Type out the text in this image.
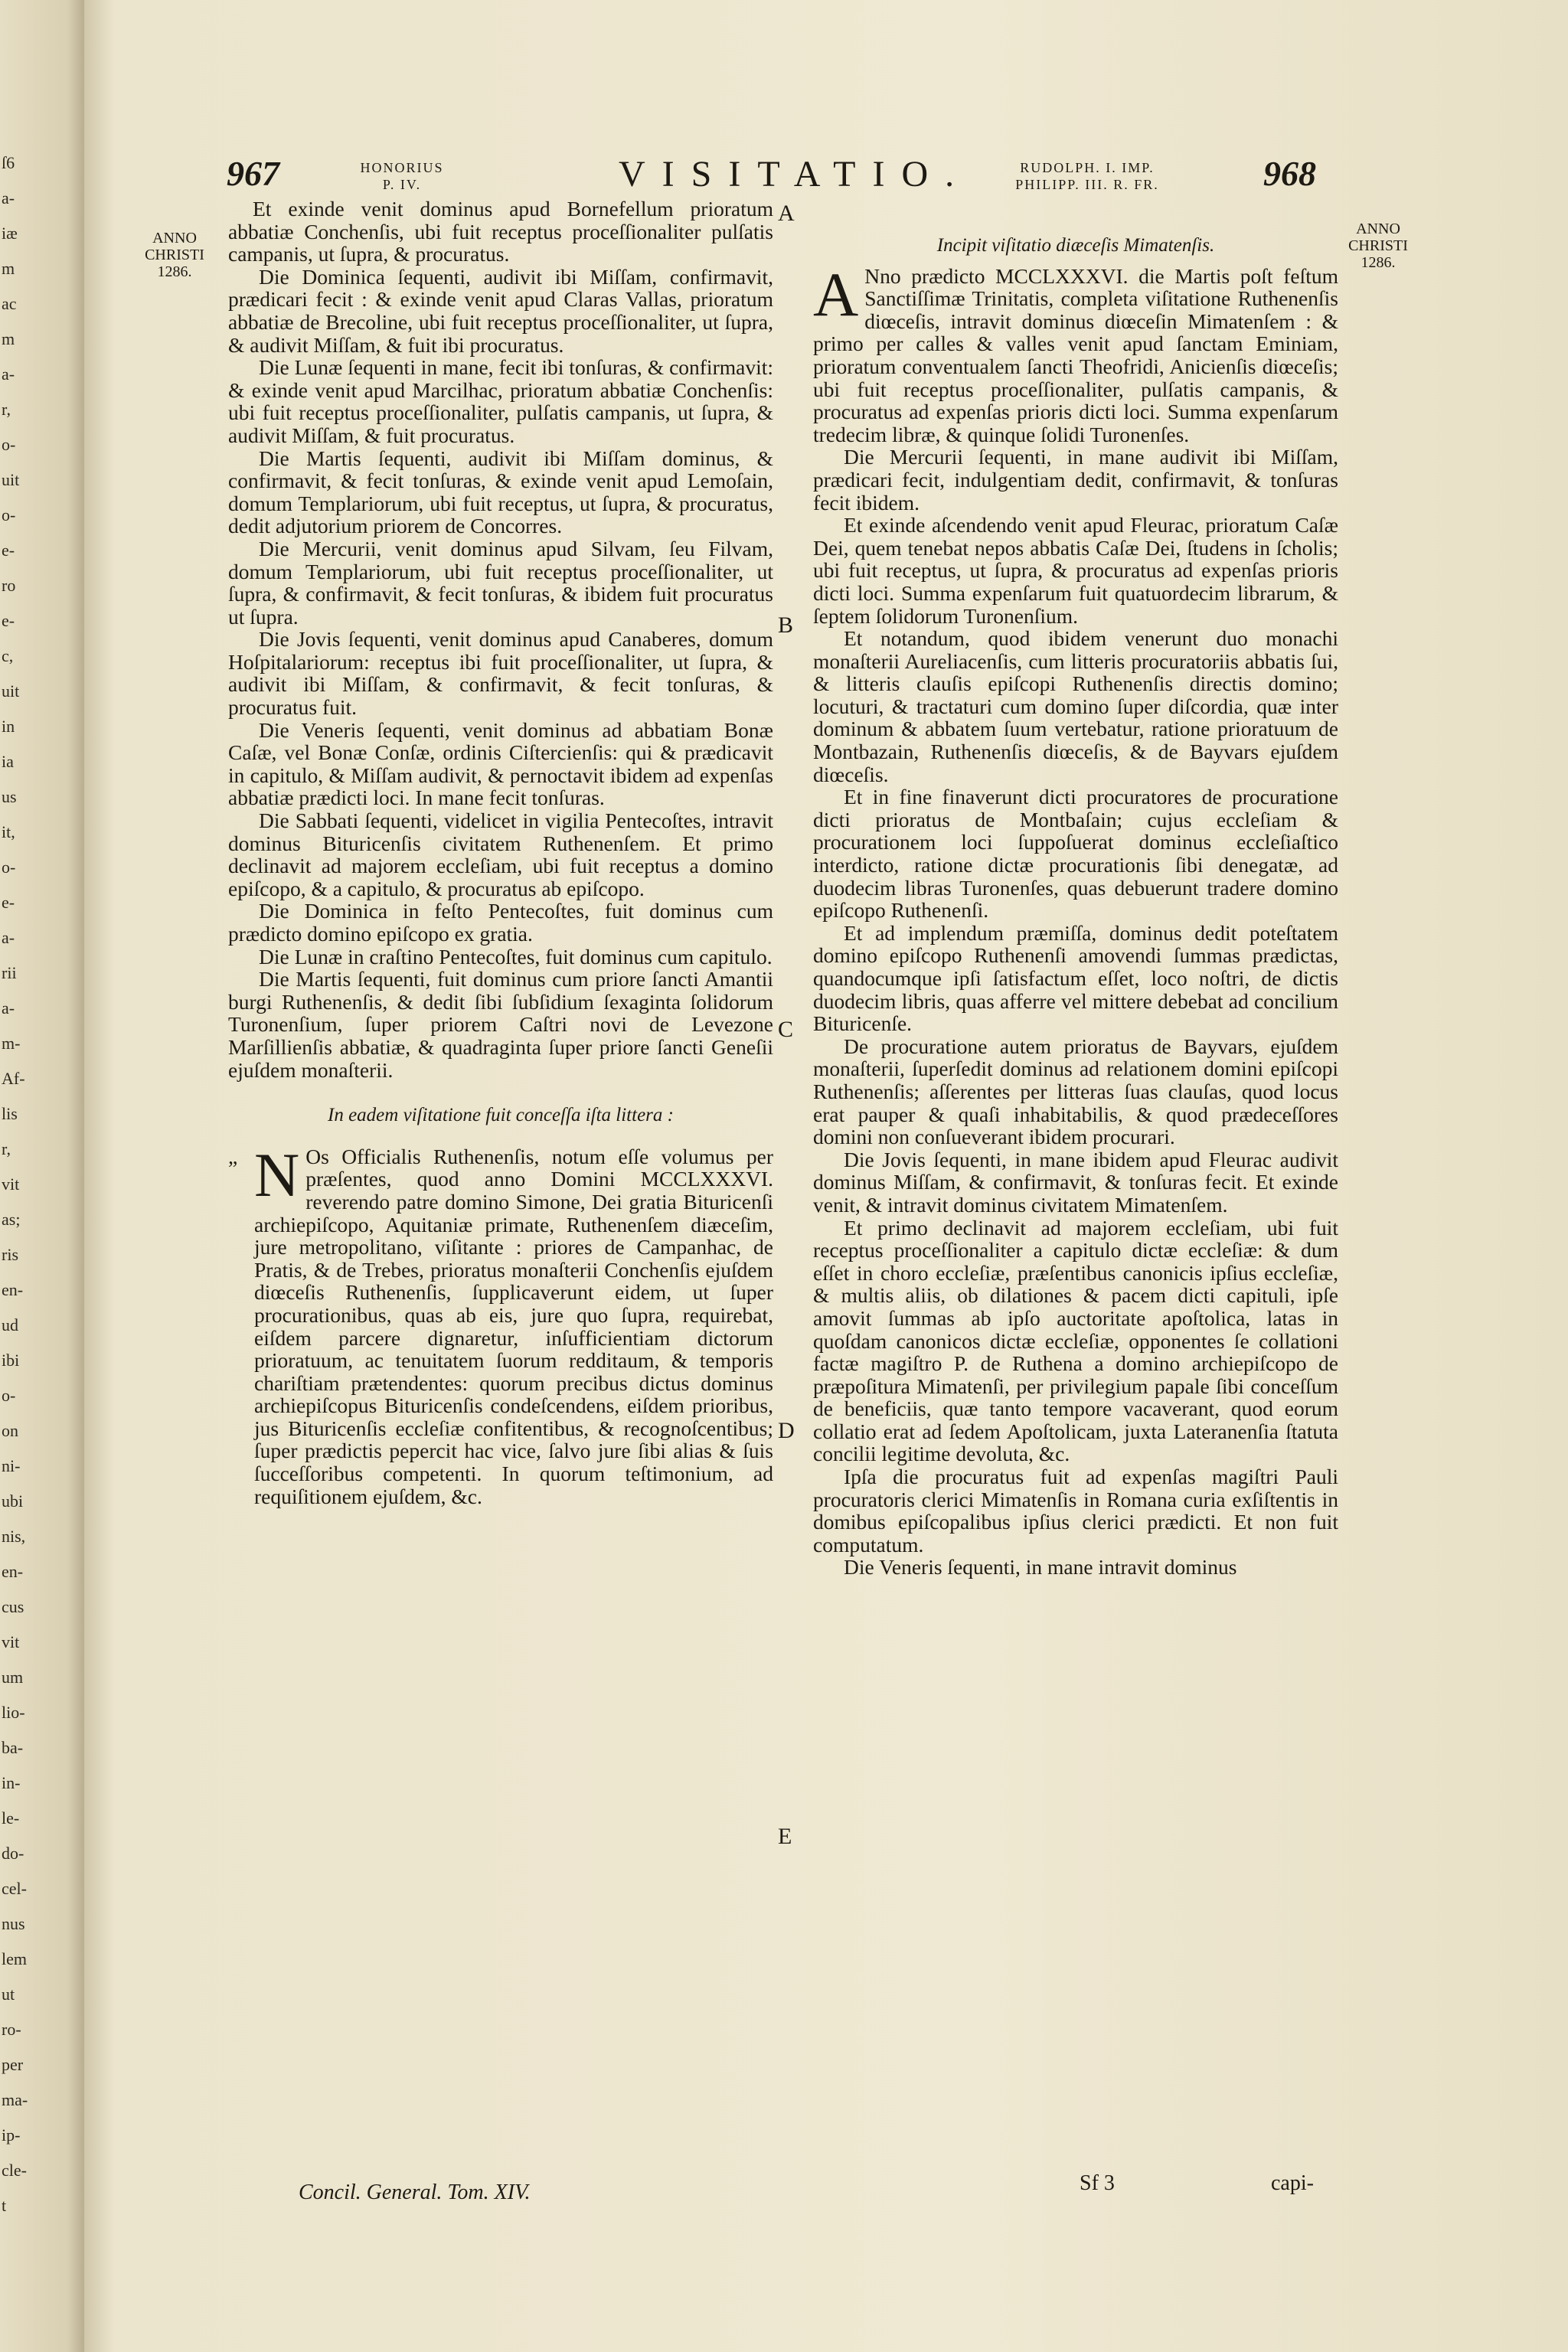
ſ6
a-
iæ
m
ac
m
a-
r,
o-
uit
o-
e-
ro
e-
c,
uit
in
ia
us
it,
o-
e-
a-
rii
a-
m-
Af-
lis
r,
vit
as;
ris
en-
ud
ibi
o-
on
ni-
ubi
nis,
en-
cus
vit
um
lio-
ba-
in-
le-
do-
cel-
nus
lem
ut
ro-
per
ma-
ip-
cle-
t
967	HONORIUS
P. IV.	VISITATIO.	RUDOLPH. I. IMP.
PHILIPP. III. R. FR.	968
ANNO
CHRISTI
1286.
ANNO
CHRISTI
1286.
A
B
C
D
E

Et exinde venit dominus apud Bornefellum prioratum abbatiæ Conchenſis, ubi fuit receptus proceſſionaliter pulſatis campanis, ut ſupra, & procuratus.

Die Dominica ſequenti, audivit ibi Miſſam, confirmavit, prædicari fecit : & exinde venit apud Claras Vallas, prioratum abbatiæ de Brecoline, ubi fuit receptus proceſſionaliter, ut ſupra, & audivit Miſſam, & fuit ibi procuratus.

Die Lunæ ſequenti in mane, fecit ibi tonſuras, & confirmavit: & exinde venit apud Marcilhac, prioratum abbatiæ Conchenſis: ubi fuit receptus proceſſionaliter, pulſatis campanis, ut ſupra, & audivit Miſſam, & fuit procuratus.

Die Martis ſequenti, audivit ibi Miſſam dominus, & confirmavit, & fecit tonſuras, & exinde venit apud Lemoſain, domum Templariorum, ubi fuit receptus, ut ſupra, & procuratus, dedit adjutorium priorem de Concorres.

Die Mercurii, venit dominus apud Silvam, ſeu Filvam, domum Templariorum, ubi fuit receptus proceſſionaliter, ut ſupra, & confirmavit, & fecit tonſuras, & ibidem fuit procuratus ut ſupra.

Die Jovis ſequenti, venit dominus apud Canaberes, domum Hoſpitalariorum: receptus ibi fuit proceſſionaliter, ut ſupra, & audivit ibi Miſſam, & confirmavit, & fecit tonſuras, & procuratus fuit.

Die Veneris ſequenti, venit dominus ad abbatiam Bonæ Caſæ, vel Bonæ Conſæ, ordinis Ciſtercienſis: qui & prædicavit in capitulo, & Miſſam audivit, & pernoctavit ibidem ad expenſas abbatiæ prædicti loci. In mane fecit tonſuras.

Die Sabbati ſequenti, videlicet in vigilia Pentecoſtes, intravit dominus Bituricenſis civitatem Ruthenenſem. Et primo declinavit ad majorem eccleſiam, ubi fuit receptus a domino epiſcopo, & a capitulo, & procuratus ab epiſcopo.

Die Dominica in feſto Pentecoſtes, fuit dominus cum prædicto domino epiſcopo ex gratia.

Die Lunæ in craſtino Pentecoſtes, fuit dominus cum capitulo.

Die Martis ſequenti, fuit dominus cum priore ſancti Amantii burgi Ruthenenſis, & dedit ſibi ſubſidium ſexaginta ſolidorum Turonenſium, ſuper priorem Caſtri novi de Levezone Marſillienſis abbatiæ, & quadraginta ſuper priore ſancti Geneſii ejuſdem monaſterii.

In eadem viſitatione fuit conceſſa iſta littera :

„ N Os Officialis Ruthenenſis, notum eſſe volumus per præſentes, quod anno Domini MCCLXXXVI. reverendo patre domino Simone, Dei gratia Bituricenſi archiepiſcopo, Aquitaniæ primate, Ruthenenſem diæceſim, jure metropolitano, viſitante : priores de Campanhac, de Pratis, & de Trebes, prioratus monaſterii Conchenſis ejuſdem diœceſis Ruthenenſis, ſupplicaverunt eidem, ut ſuper procurationibus, quas ab eis, jure quo ſupra, requirebat, eiſdem parcere dignaretur, inſufficientiam dictorum prioratuum, ac tenuitatem ſuorum redditaum, & temporis chariſtiam prætendentes: quorum precibus dictus dominus archiepiſcopus Bituricenſis condeſcendens, eiſdem prioribus, jus Bituricenſis eccleſiæ confitentibus, & recognoſcentibus; ſuper prædictis pepercit hac vice, ſalvo jure ſibi alias & ſuis ſucceſſoribus competenti. In quorum teſtimonium, ad requiſitionem ejuſdem, &c.

Incipit viſitatio diæceſis Mimatenſis.

A Nno prædicto MCCLXXXVI. die Martis poſt feſtum Sanctiſſimæ Trinitatis, completa viſitatione Ruthenenſis diœceſis, intravit dominus diœceſin Mimatenſem : & primo per calles & valles venit apud ſanctam Eminiam, prioratum conventualem ſancti Theofridi, Anicienſis diœceſis; ubi fuit receptus proceſſionaliter, pulſatis campanis, & procuratus ad expenſas prioris dicti loci. Summa expenſarum tredecim libræ, & quinque ſolidi Turonenſes.

Die Mercurii ſequenti, in mane audivit ibi Miſſam, prædicari fecit, indulgentiam dedit, confirmavit, & tonſuras fecit ibidem.

Et exinde aſcendendo venit apud Fleurac, prioratum Caſæ Dei, quem tenebat nepos abbatis Caſæ Dei, ſtudens in ſcholis; ubi fuit receptus, ut ſupra, & procuratus ad expenſas prioris dicti loci. Summa expenſarum fuit quatuordecim librarum, & ſeptem ſolidorum Turonenſium.

Et notandum, quod ibidem venerunt duo monachi monaſterii Aureliacenſis, cum litteris procuratoriis abbatis ſui, & litteris clauſis epiſcopi Ruthenenſis directis domino; locuturi, & tractaturi cum domino ſuper diſcordia, quæ inter dominum & abbatem ſuum vertebatur, ratione prioratuum de Montbazain, Ruthenenſis diœceſis, & de Bayvars ejuſdem diœceſis.

Et in fine finaverunt dicti procuratores de procuratione dicti prioratus de Montbaſain; cujus eccleſiam & procurationem loci ſuppoſuerat dominus eccleſiaſtico interdicto, ratione dictæ procurationis ſibi denegatæ, ad duodecim libras Turonenſes, quas debuerunt tradere domino epiſcopo Ruthenenſi.

Et ad implendum præmiſſa, dominus dedit poteſtatem domino epiſcopo Ruthenenſi amovendi ſummas prædictas, quandocumque ipſi ſatisfactum eſſet, loco noſtri, de dictis duodecim libris, quas afferre vel mittere debebat ad concilium Bituricenſe.

De procuratione autem prioratus de Bayvars, ejuſdem monaſterii, ſuperſedit dominus ad relationem domini epiſcopi Ruthenenſis; aſſerentes per litteras ſuas clauſas, quod locus erat pauper & quaſi inhabitabilis, & quod prædeceſſores domini non conſueverant ibidem procurari.

Die Jovis ſequenti, in mane ibidem apud Fleurac audivit dominus Miſſam, & confirmavit, & tonſuras fecit. Et exinde venit, & intravit dominus civitatem Mimatenſem.

Et primo declinavit ad majorem eccleſiam, ubi fuit receptus proceſſionaliter a capitulo dictæ eccleſiæ: & dum eſſet in choro eccleſiæ, præſentibus canonicis ipſius eccleſiæ, & multis aliis, ob dilationes & pacem dicti capituli, ipſe amovit ſummas ab ipſo auctoritate apoſtolica, latas in quoſdam canonicos dictæ eccleſiæ, opponentes ſe collationi factæ magiſtro P. de Ruthena a domino archiepiſcopo de præpoſitura Mimatenſi, per privilegium papale ſibi conceſſum de beneficiis, quæ tanto tempore vacaverant, quod eorum collatio erat ad ſedem Apoſtolicam, juxta Lateranenſia ſtatuta concilii legitime devoluta, &c.

Ipſa die procuratus fuit ad expenſas magiſtri Pauli procuratoris clerici Mimatenſis in Romana curia exſiſtentis in domibus epiſcopalibus ipſius clerici prædicti. Et non fuit computatum.

Die Veneris ſequenti, in mane intravit dominus

Concil. General. Tom. XIV.	Sf 3	capi-
